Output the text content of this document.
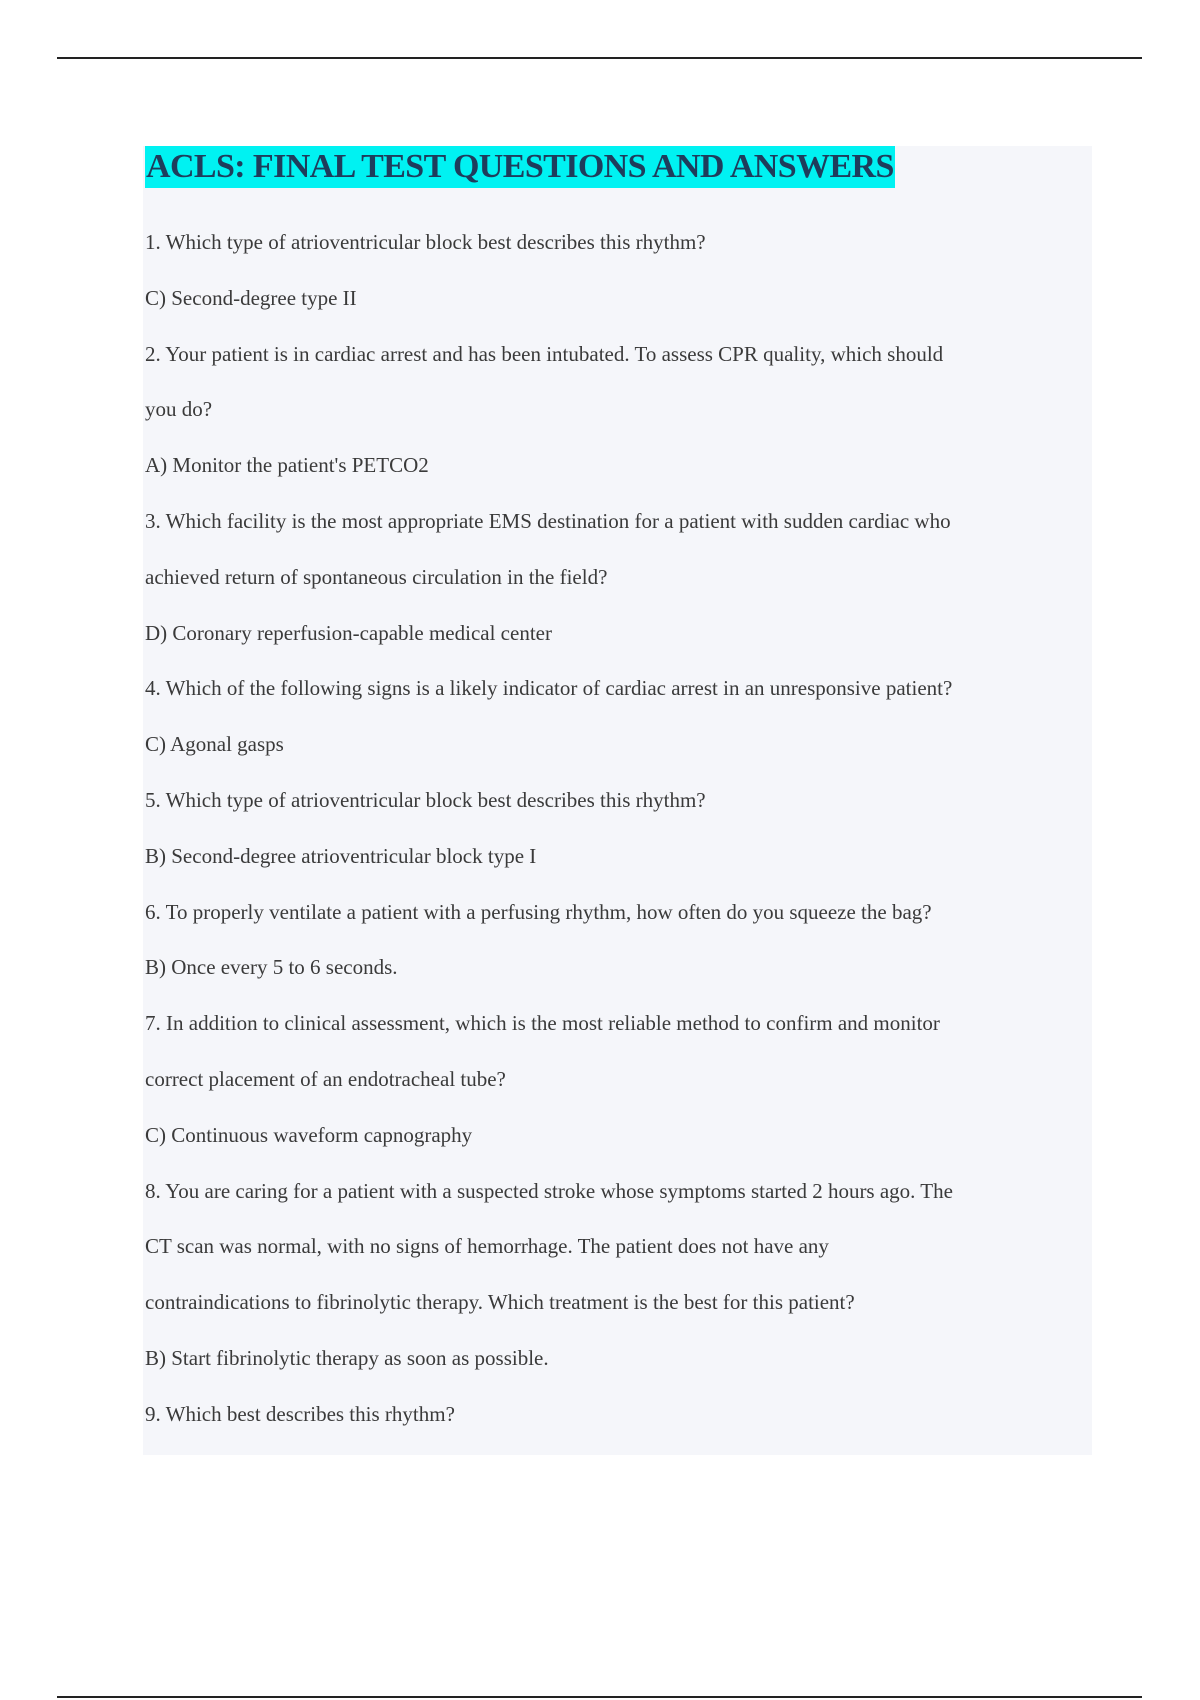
ACLS: FINAL TEST QUESTIONS AND ANSWERS
1. Which type of atrioventricular block best describes this rhythm?
C) Second-degree type II
2. Your patient is in cardiac arrest and has been intubated. To assess CPR quality, which should
you do?
A) Monitor the patient's PETCO2
3. Which facility is the most appropriate EMS destination for a patient with sudden cardiac who
achieved return of spontaneous circulation in the field?
D) Coronary reperfusion-capable medical center
4. Which of the following signs is a likely indicator of cardiac arrest in an unresponsive patient?
C) Agonal gasps
5. Which type of atrioventricular block best describes this rhythm?
B) Second-degree atrioventricular block type I
6. To properly ventilate a patient with a perfusing rhythm, how often do you squeeze the bag?
B) Once every 5 to 6 seconds.
7. In addition to clinical assessment, which is the most reliable method to confirm and monitor
correct placement of an endotracheal tube?
C) Continuous waveform capnography
8. You are caring for a patient with a suspected stroke whose symptoms started 2 hours ago. The
CT scan was normal, with no signs of hemorrhage. The patient does not have any
contraindications to fibrinolytic therapy. Which treatment is the best for this patient?
B) Start fibrinolytic therapy as soon as possible.
9. Which best describes this rhythm?
